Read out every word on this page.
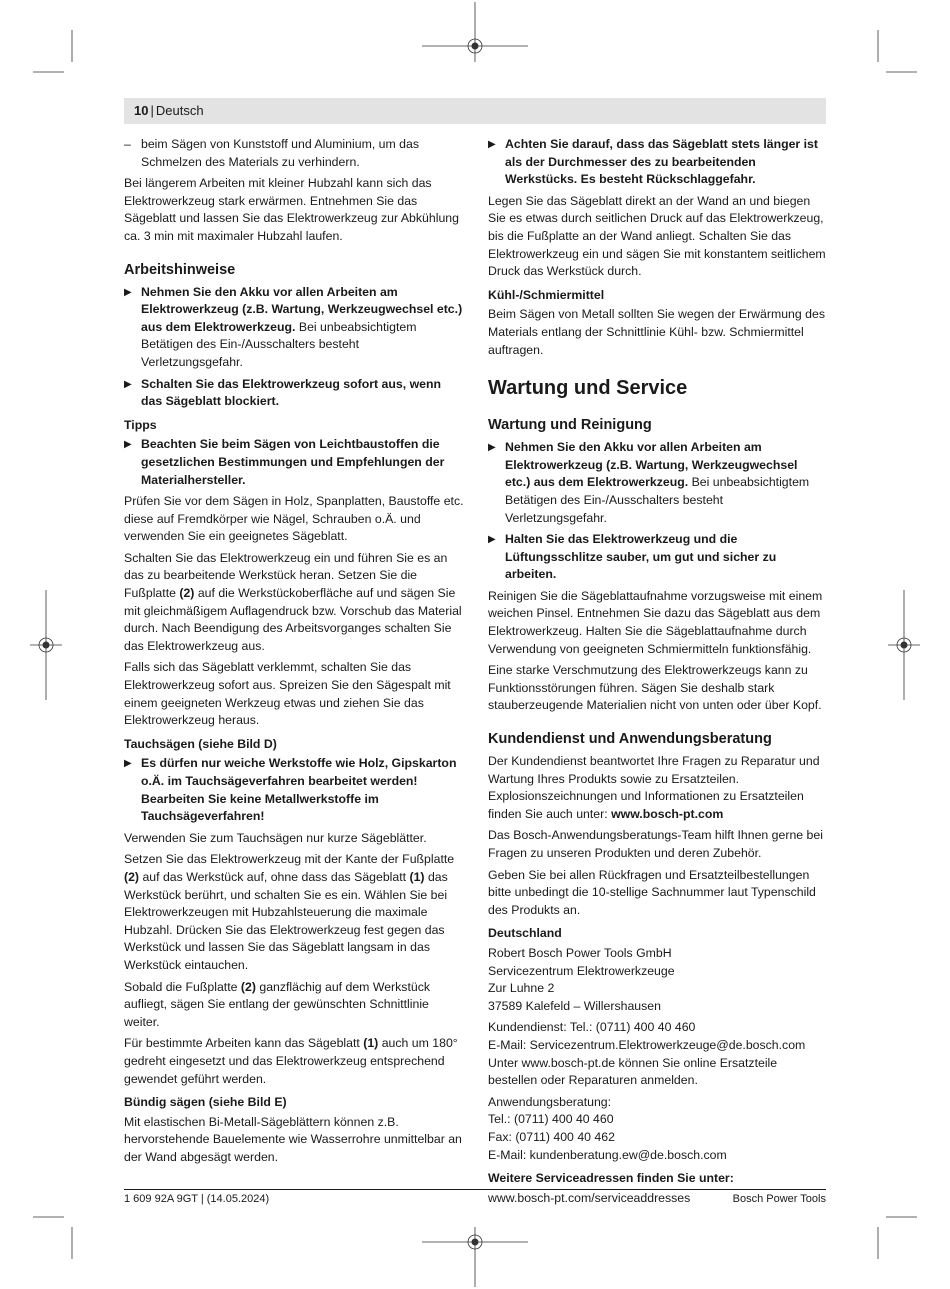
10 | Deutsch
– beim Sägen von Kunststoff und Aluminium, um das Schmelzen des Materials zu verhindern.

Bei längerem Arbeiten mit kleiner Hubzahl kann sich das Elektrowerkzeug stark erwärmen. Entnehmen Sie das Sägeblatt und lassen Sie das Elektrowerkzeug zur Abkühlung ca. 3 min mit maximaler Hubzahl laufen.

Arbeitshinweise
▶ Nehmen Sie den Akku vor allen Arbeiten am Elektrowerkzeug (z.B. Wartung, Werkzeugwechsel etc.) aus dem Elektrowerkzeug. Bei unbeabsichtigtem Betätigen des Ein-/Ausschalters besteht Verletzungsgefahr.
▶ Schalten Sie das Elektrowerkzeug sofort aus, wenn das Sägeblatt blockiert.
Tipps
▶ Beachten Sie beim Sägen von Leichtbaustoffen die gesetzlichen Bestimmungen und Empfehlungen der Materialhersteller.

Prüfen Sie vor dem Sägen in Holz, Spanplatten, Baustoffe etc. diese auf Fremdkörper wie Nägel, Schrauben o.Ä. und verwenden Sie ein geeignetes Sägeblatt.

Schalten Sie das Elektrowerkzeug ein und führen Sie es an das zu bearbeitende Werkstück heran. Setzen Sie die Fußplatte (2) auf die Werkstückoberfläche auf und sägen Sie mit gleichmäßigem Auflagendruck bzw. Vorschub das Material durch. Nach Beendigung des Arbeitsvorganges schalten Sie das Elektrowerkzeug aus.

Falls sich das Sägeblatt verklemmt, schalten Sie das Elektrowerkzeug sofort aus. Spreizen Sie den Sägespalt mit einem geeigneten Werkzeug etwas und ziehen Sie das Elektrowerkzeug heraus.

Tauchsägen (siehe Bild D)
▶ Es dürfen nur weiche Werkstoffe wie Holz, Gipskarton o.Ä. im Tauchsägeverfahren bearbeitet werden! Bearbeiten Sie keine Metallwerkstoffe im Tauchsägeverfahren!

Verwenden Sie zum Tauchsägen nur kurze Sägeblätter.

Setzen Sie das Elektrowerkzeug mit der Kante der Fußplatte (2) auf das Werkstück auf, ohne dass das Sägeblatt (1) das Werkstück berührt, und schalten Sie es ein. Wählen Sie bei Elektrowerkzeugen mit Hubzahlsteuerung die maximale Hubzahl. Drücken Sie das Elektrowerkzeug fest gegen das Werkstück und lassen Sie das Sägeblatt langsam in das Werkstück eintauchen.

Sobald die Fußplatte (2) ganzflächig auf dem Werkstück aufliegt, sägen Sie entlang der gewünschten Schnittlinie weiter.

Für bestimmte Arbeiten kann das Sägeblatt (1) auch um 180° gedreht eingesetzt und das Elektrowerkzeug entsprechend gewendet geführt werden.

Bündig sägen (siehe Bild E)

Mit elastischen Bi-Metall-Sägeblättern können z.B. hervorstehende Bauelemente wie Wasserrohre unmittelbar an der Wand abgesägt werden.

▶ Achten Sie darauf, dass das Sägeblatt stets länger ist als der Durchmesser des zu bearbeitenden Werkstücks. Es besteht Rückschlaggefahr.

Legen Sie das Sägeblatt direkt an der Wand an und biegen Sie es etwas durch seitlichen Druck auf das Elektrowerkzeug, bis die Fußplatte an der Wand anliegt. Schalten Sie das Elektrowerkzeug ein und sägen Sie mit konstantem seitlichem Druck das Werkstück durch.

Kühl-/Schmiermittel

Beim Sägen von Metall sollten Sie wegen der Erwärmung des Materials entlang der Schnittlinie Kühl- bzw. Schmiermittel auftragen.

Wartung und Service
Wartung und Reinigung
▶ Nehmen Sie den Akku vor allen Arbeiten am Elektrowerkzeug (z.B. Wartung, Werkzeugwechsel etc.) aus dem Elektrowerkzeug. Bei unbeabsichtigtem Betätigen des Ein-/Ausschalters besteht Verletzungsgefahr.
▶ Halten Sie das Elektrowerkzeug und die Lüftungsschlitze sauber, um gut und sicher zu arbeiten.

Reinigen Sie die Sägeblattaufnahme vorzugsweise mit einem weichen Pinsel. Entnehmen Sie dazu das Sägeblatt aus dem Elektrowerkzeug. Halten Sie die Sägeblattaufnahme durch Verwendung von geeigneten Schmiermitteln funktionsfähig.

Eine starke Verschmutzung des Elektrowerkzeugs kann zu Funktionsstörungen führen. Sägen Sie deshalb stark stauberzeugende Materialien nicht von unten oder über Kopf.

Kundendienst und Anwendungsberatung

Der Kundendienst beantwortet Ihre Fragen zu Reparatur und Wartung Ihres Produkts sowie zu Ersatzteilen. Explosionszeichnungen und Informationen zu Ersatzteilen finden Sie auch unter: www.bosch-pt.com

Das Bosch-Anwendungsberatungs-Team hilft Ihnen gerne bei Fragen zu unseren Produkten und deren Zubehör.

Geben Sie bei allen Rückfragen und Ersatzteilbestellungen bitte unbedingt die 10-stellige Sachnummer laut Typenschild des Produkts an.

Deutschland

Robert Bosch Power Tools GmbH

Servicezentrum Elektrowerkzeuge

Zur Luhne 2

37589 Kalefeld – Willershausen

Kundendienst: Tel.: (0711) 400 40 460

E-Mail: Servicezentrum.Elektrowerkzeuge@de.bosch.com

Unter www.bosch-pt.de können Sie online Ersatzteile bestellen oder Reparaturen anmelden.

Anwendungsberatung:

Tel.: (0711) 400 40 460

Fax: (0711) 400 40 462

E-Mail: kundenberatung.ew@de.bosch.com

Weitere Serviceadressen finden Sie unter:

www.bosch-pt.com/serviceaddresses

1 609 92A 9GT | (14.05.2024)	Bosch Power Tools
